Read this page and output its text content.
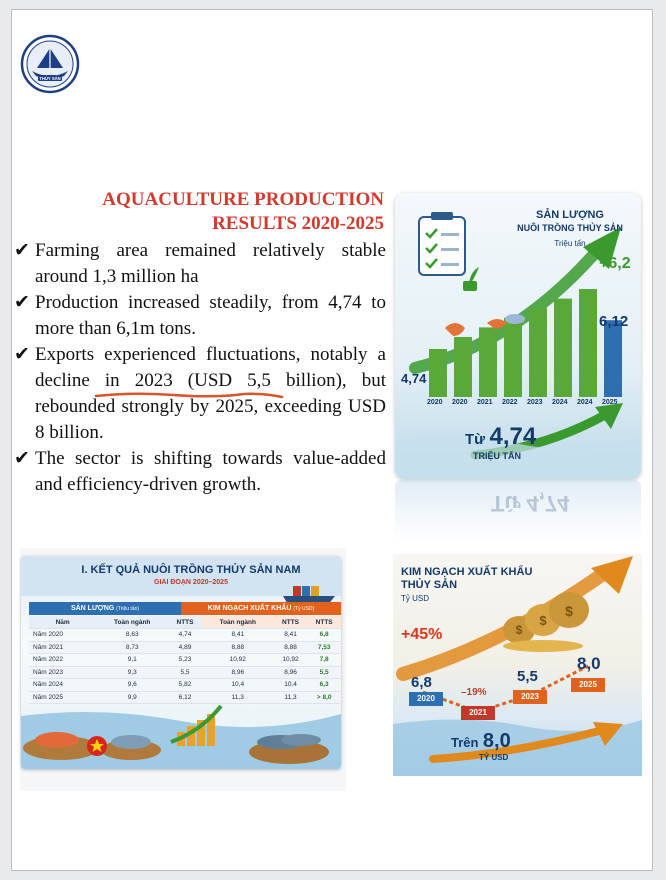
THỦY SẢN
AQUACULTURE PRODUCTION
RESULTS 2020-2025
✔ Farming area remained relatively stable around 1,3 million ha
✔ Production increased steadily, from 4,74 to more than 6,1m tons.
✔ Exports experienced fluctuations, notably a decline in 2023 (USD 5,5 billion), but rebounded strongly by 2025, exceeding USD 8 billion.
✔ The sector is shifting towards value-added and efficiency-driven growth.
SẢN LƯỢNG
NUÔI TRỒNG THỦY SẢN
Triệu tấn
+6,2
6,12
4,74
2020 2020 2021 2022 2023 2024 2024 2025
Từ 4,74
TRIỆU TẤN
Từ 4,74
I. KẾT QUẢ NUÔI TRỒNG THỦY SẢN NAM
GIAI ĐOẠN 2020–2025
SẢN LƯỢNG (Triệu tấn)	KIM NGẠCH XUẤT KHẨU (Tỷ USD)
Năm	Toàn ngành	NTTS	Toàn ngành	NTTS	NTTS
Năm 2020	8,63	4,74	8,41	8,41	6,8
Năm 2021	8,73	4,89	8,88	8,88	7,53
Năm 2022	9,1	5,23	10,92	10,92	7,8
Năm 2023	9,3	5,5	8,96	8,96	5,5
Năm 2024	9,6	5,82	10,4	10,4	6,3
Năm 2025	9,9	6,12	11,3	11,3	> 8,0
$
$
$
KIM NGẠCH XUẤT KHẨU
THỦY SẢN
Tỷ USD
+45%
–19%
6,8
2020
2021
5,5
2023
8,0
2025
Trên 8,0
TỶ USD
